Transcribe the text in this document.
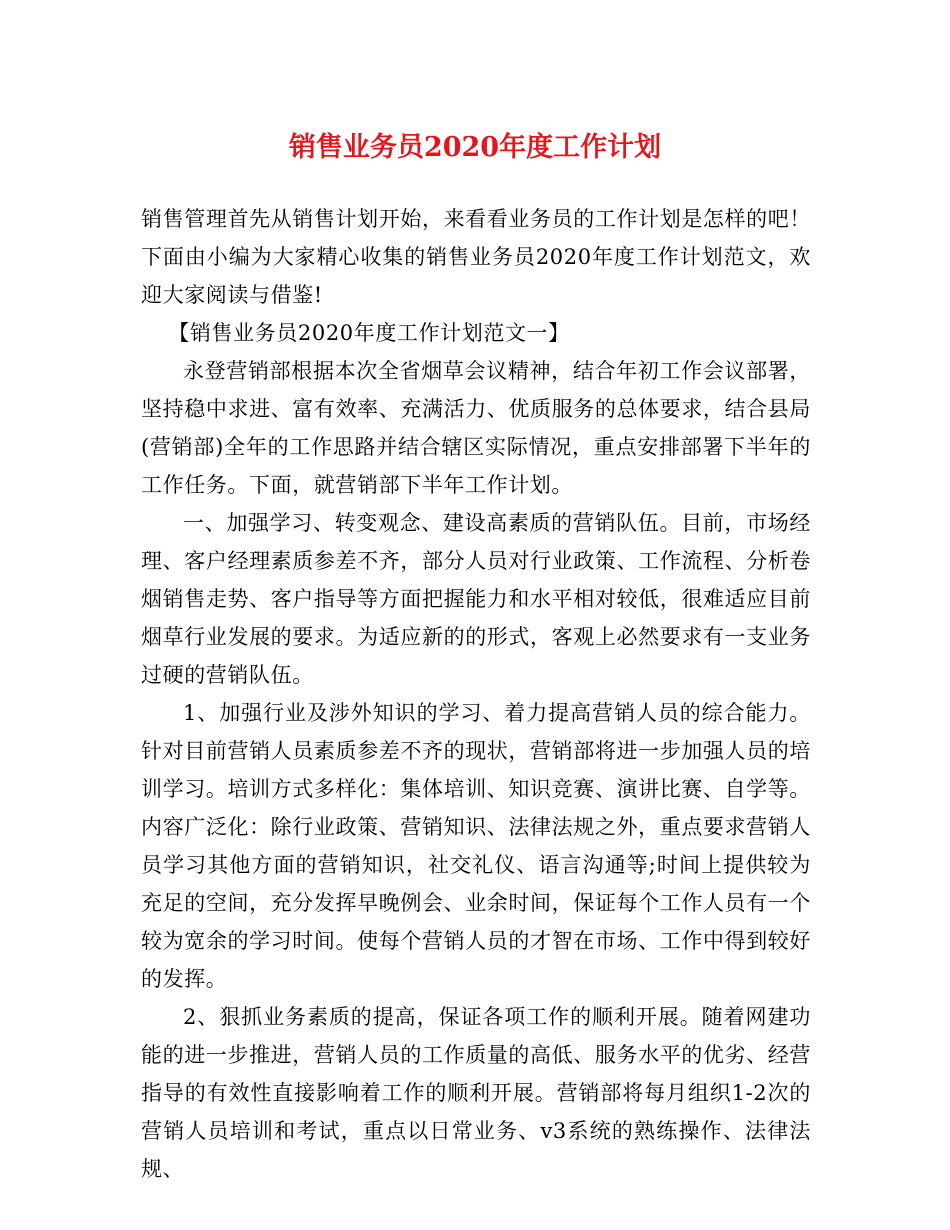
销售业务员2020年度工作计划

销售管理首先从销售计划开始，来看看业务员的工作计划是怎样的吧！下面由小编为大家精心收集的销售业务员2020年度工作计划范文，欢迎大家阅读与借鉴!

【销售业务员2020年度工作计划范文一】

永登营销部根据本次全省烟草会议精神，结合年初工作会议部署，坚持稳中求进、富有效率、充满活力、优质服务的总体要求，结合县局(营销部)全年的工作思路并结合辖区实际情况，重点安排部署下半年的工作任务。下面，就营销部下半年工作计划。

一、加强学习、转变观念、建设高素质的营销队伍。目前，市场经理、客户经理素质参差不齐，部分人员对行业政策、工作流程、分析卷烟销售走势、客户指导等方面把握能力和水平相对较低，很难适应目前烟草行业发展的要求。为适应新的的形式，客观上必然要求有一支业务过硬的营销队伍。

1、加强行业及涉外知识的学习、着力提高营销人员的综合能力。针对目前营销人员素质参差不齐的现状，营销部将进一步加强人员的培训学习。培训方式多样化：集体培训、知识竞赛、演讲比赛、自学等。内容广泛化：除行业政策、营销知识、法律法规之外，重点要求营销人员学习其他方面的营销知识，社交礼仪、语言沟通等;时间上提供较为充足的空间，充分发挥早晚例会、业余时间，保证每个工作人员有一个较为宽余的学习时间。使每个营销人员的才智在市场、工作中得到较好的发挥。

2、狠抓业务素质的提高，保证各项工作的顺利开展。随着网建功能的进一步推进，营销人员的工作质量的高低、服务水平的优劣、经营指导的有效性直接影响着工作的顺利开展。营销部将每月组织1-2次的营销人员培训和考试，重点以日常业务、v3系统的熟练操作、法律法规、
